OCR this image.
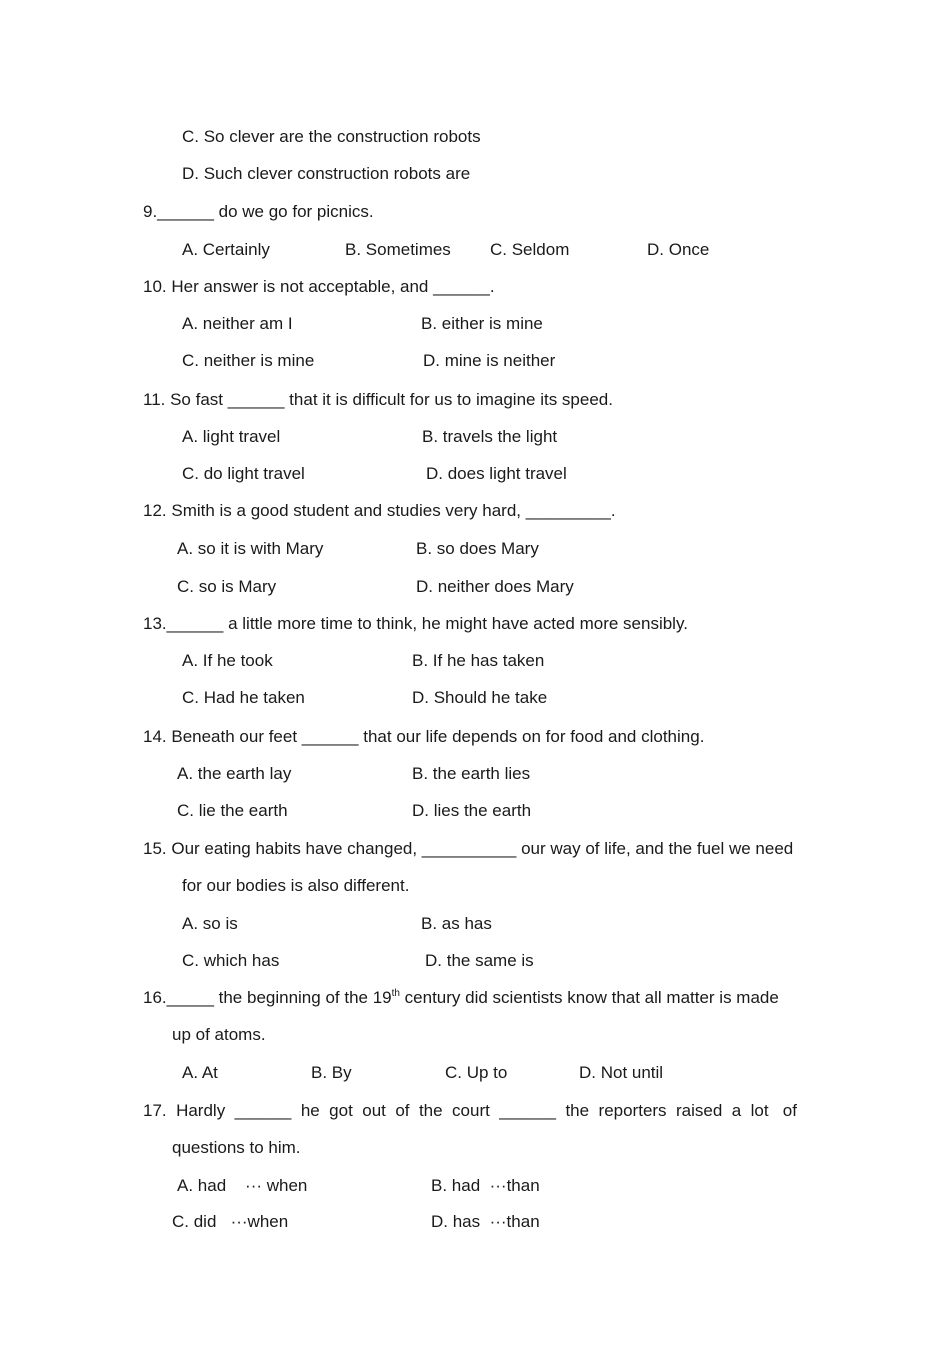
C. So clever are the construction robots
D. Such clever construction robots are
9.______ do we go for picnics.
A. Certainly	B. Sometimes C. Seldom	D. Once
10. Her answer is not acceptable, and ______.
A. neither am I	B. either is mine
C. neither is mine	D. mine is neither
11. So fast ______ that it is difficult for us to imagine its speed.
A. light travel	B. travels the light
C. do light travel	D. does light travel
12. Smith is a good student and studies very hard, _________.
A. so it is with Mary	B. so does Mary
C. so is Mary	D. neither does Mary
13.______ a little more time to think, he might have acted more sensibly.
A. If he took	B. If he has taken
C. Had he taken	D. Should he take
14. Beneath our feet ______ that our life depends on for food and clothing.
A. the earth lay	B. the earth lies
C. lie the earth	D. lies the earth
15. Our eating habits have changed, __________ our way of life, and the fuel we need
for our bodies is also different.
A. so is	B. as has
C. which has	D. the same is
16._____ the beginning of the 19th century did scientists know that all matter is made
up of atoms.
A. At	B. By	C. Up to	D. Not until
17.  Hardly  ______  he  got  out  of  the  court  ______  the  reporters  raised  a  lot   of
questions to him.
A. had    ··· when	B. had  ···than
C. did   ···when	D. has  ···than
